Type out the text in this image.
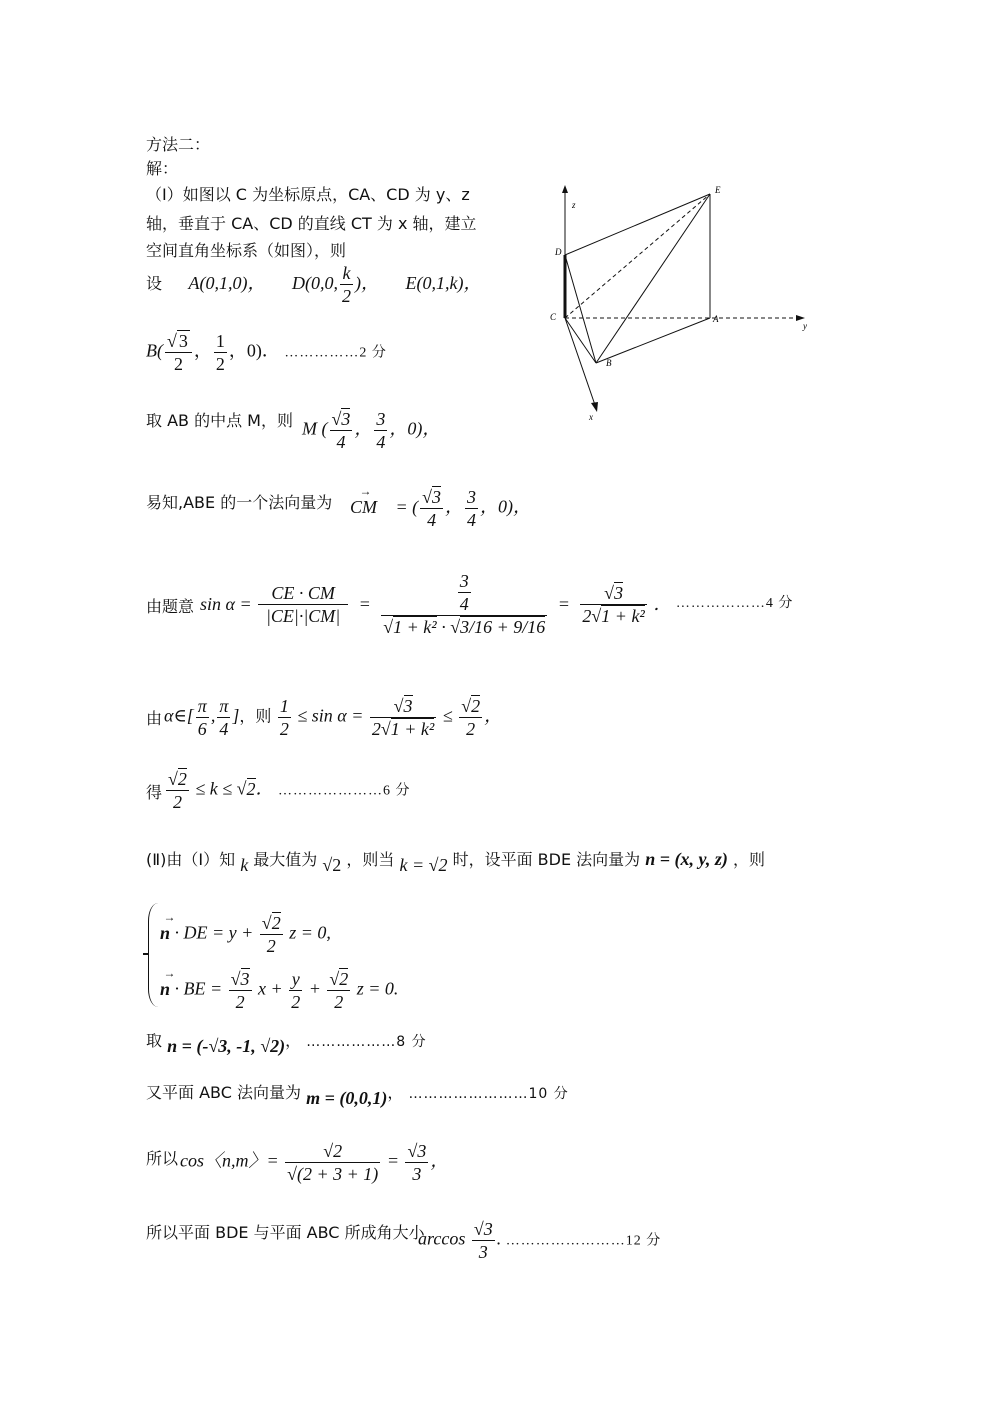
方法二：
解：
（Ⅰ）如图以 C 为坐标原点，CA、CD 为 y、z
轴，垂直于 CA、CD 的直线 CT 为 x 轴，建立
空间直角坐标系（如图），则
设 A(0,1,0)， D(0,0, $\frac{k}{2}$ )， E(0,1,k)，
$B( \frac{√ 3}{2}$ ， $\frac{1}{2}$ ，0)． ……………2 分
取 AB 的中点 M，则 M ( $\frac{√3}{4}$ ， $\frac{3}{4}$ ，0)，
易知,ABE 的一个法向量为
→ CM = ( $\frac{√3}{4}$ ， $\frac{3}{4}$ ，0)，
由题意 $\sin \alpha = \frac{CE \cdot CM}{|CE|\cdot|CM|} = \frac{\frac{3}{4}}{\text{√1 + k² · √3/16 + 9/16}} = \frac{√3}{\text{2√1 + k²}}$ ． ………………4 分
由 α∈[ $\frac{\pi}{6}$ , $\frac{\pi}{4}$ ]，则 $\frac{1}{2} \le \sin \alpha = \frac{√3}{\text{2√1 + k²}} \le \frac{√2}{2}$ ，
得 $\frac{√2}{2} \le k \le √2$． …………………6 分
(Ⅱ)由（Ⅰ）知 k 最大值为 √2 ，则当 k = √2 时，设平面 BDE 法向量为 n = (x, y, z) ，则
→ n · DE = $y + \frac{√2}{2}$ z = 0,
→ n · BE = $\frac{√3}{2}$ $x + \frac{y}{2} + \frac{√2}{2}$ z = 0.
取 n = (-√3, -1, √2)， ………………8 分
又平面 ABC 法向量为 m = (0,0,1)， ……………………10 分
所以 cos〈n,m〉= $\frac{√2}{√(2 + 3 + 1)} = \frac{√3}{3}$ ，
所以平面 BDE 与平面 ABC 所成角大小
$\arccos \frac{√3}{3}$ . ……………………12 分
E
z
D
C	A
y
B
x
